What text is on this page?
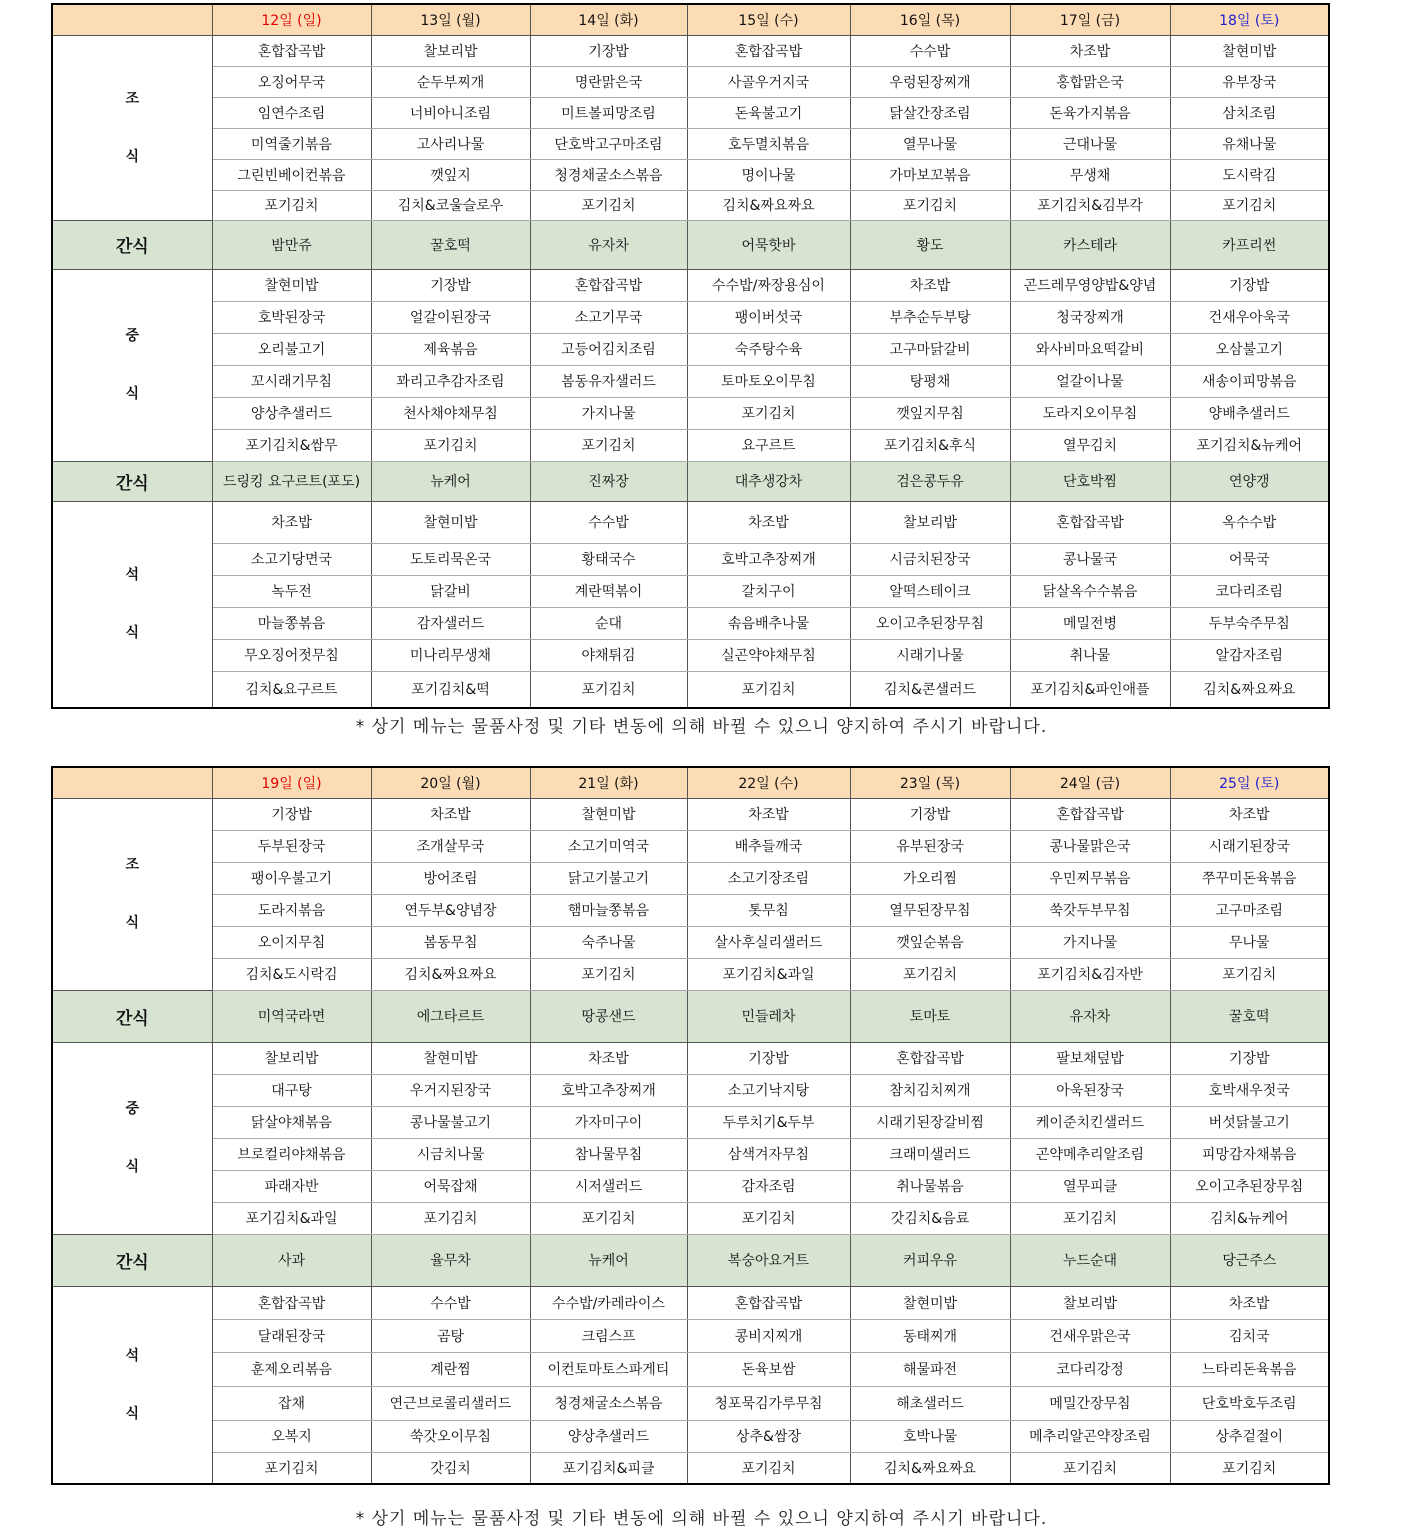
	12일 (일)	13일 (월)	14일 (화)	15일 (수)	16일 (목)	17일 (금)	18일 (토)

조
식	혼합잡곡밥	찰보리밥	기장밥	혼합잡곡밥	수수밥	차조밥	찰현미밥
	오징어무국	순두부찌개	명란맑은국	사골우거지국	우렁된장찌개	홍합맑은국	유부장국
	임연수조림	너비아니조림	미트볼피망조림	돈육불고기	닭살간장조림	돈육가지볶음	삼치조림
	미역줄기볶음	고사리나물	단호박고구마조림	호두멸치볶음	열무나물	근대나물	유채나물
	그린빈베이컨볶음	깻잎지	청경채굴소스볶음	명이나물	가마보꼬볶음	무생채	도시락김
	포기김치	김치&코울슬로우	포기김치	김치&짜요짜요	포기김치	포기김치&김부각	포기김치
간식	밤만쥬	꿀호떡	유자차	어묵핫바	황도	카스테라	카프리썬

중
식	찰현미밥	기장밥	혼합잡곡밥	수수밥/짜장용심이	차조밥	곤드레무영양밥&양념	기장밥
	호박된장국	얼갈이된장국	소고기무국	팽이버섯국	부추순두부탕	청국장찌개	건새우아욱국
	오리불고기	제육볶음	고등어김치조림	숙주탕수육	고구마닭갈비	와사비마요떡갈비	오삼불고기
	꼬시래기무침	꽈리고추감자조림	봄동유자샐러드	토마토오이무침	탕평채	얼갈이나물	새송이피망볶음
	양상추샐러드	천사채야채무침	가지나물	포기김치	깻잎지무침	도라지오이무침	양배추샐러드
	포기김치&쌈무	포기김치	포기김치	요구르트	포기김치&후식	열무김치	포기김치&뉴케어
간식	드링킹 요구르트(포도)	뉴케어	진짜장	대추생강차	검은콩두유	단호박찜	연양갱

석
식	차조밥	찰현미밥	수수밥	차조밥	찰보리밥	혼합잡곡밥	옥수수밥
	소고기당면국	도토리묵온국	황태국수	호박고추장찌개	시금치된장국	콩나물국	어묵국
	녹두전	닭갈비	계란떡볶이	갈치구이	알떡스테이크	닭살옥수수볶음	코다리조림
	마늘쫑볶음	감자샐러드	순대	솎음배추나물	오이고추된장무침	메밀전병	두부숙주무침
	무오징어젓무침	미나리무생채	야채튀김	실곤약야채무침	시래기나물	취나물	알감자조림
	김치&요구르트	포기김치&떡	포기김치	포기김치	김치&콘샐러드	포기김치&파인애플	김치&짜요짜요
* 상기 메뉴는 물품사정 및 기타 변동에 의해 바뀔 수 있으니 양지하여 주시기 바랍니다.
	19일 (일)	20일 (월)	21일 (화)	22일 (수)	23일 (목)	24일 (금)	25일 (토)

조
식	기장밥	차조밥	찰현미밥	차조밥	기장밥	혼합잡곡밥	차조밥
	두부된장국	조개살무국	소고기미역국	배추들깨국	유부된장국	콩나물맑은국	시래기된장국
	팽이우불고기	방어조림	닭고기불고기	소고기장조림	가오리찜	우민찌무볶음	쭈꾸미돈육볶음
	도라지볶음	연두부&양념장	햄마늘쫑볶음	톳무침	열무된장무침	쑥갓두부무침	고구마조림
	오이지무침	봄동무침	숙주나물	살사후실리샐러드	깻잎순볶음	가지나물	무나물
	김치&도시락김	김치&짜요짜요	포기김치	포기김치&과일	포기김치	포기김치&김자반	포기김치
간식	미역국라면	에그타르트	땅콩샌드	민들레차	토마토	유자차	꿀호떡

중
식	찰보리밥	찰현미밥	차조밥	기장밥	혼합잡곡밥	팔보채덮밥	기장밥
	대구탕	우거지된장국	호박고추장찌개	소고기낙지탕	참치김치찌개	아욱된장국	호박새우젓국
	닭살야채볶음	콩나물불고기	가자미구이	두루치기&두부	시래기된장갈비찜	케이준치킨샐러드	버섯닭불고기
	브로컬리야채볶음	시금치나물	참나물무침	삼색겨자무침	크래미샐러드	곤약메추리알조림	피망감자채볶음
	파래자반	어묵잡채	시저샐러드	감자조림	취나물볶음	열무피클	오이고추된장무침
	포기김치&과일	포기김치	포기김치	포기김치	갓김치&음료	포기김치	김치&뉴케어
간식	사과	율무차	뉴케어	복숭아요거트	커피우유	누드순대	당근주스

석
식	혼합잡곡밥	수수밥	수수밥/카레라이스	혼합잡곡밥	찰현미밥	찰보리밥	차조밥
	달래된장국	곰탕	크림스프	콩비지찌개	동태찌개	건새우맑은국	김치국
	훈제오리볶음	계란찜	이컨토마토스파게티	돈육보쌈	해물파전	코다리강정	느타리돈육볶음
	잡채	연근브로콜리샐러드	청경채굴소스볶음	청포묵김가루무침	해초샐러드	메밀간장무침	단호박호두조림
	오복지	쑥갓오이무침	양상추샐러드	상추&쌈장	호박나물	메추리알곤약장조림	상추겉절이
	포기김치	갓김치	포기김치&피클	포기김치	김치&짜요짜요	포기김치	포기김치
* 상기 메뉴는 물품사정 및 기타 변동에 의해 바뀔 수 있으니 양지하여 주시기 바랍니다.
